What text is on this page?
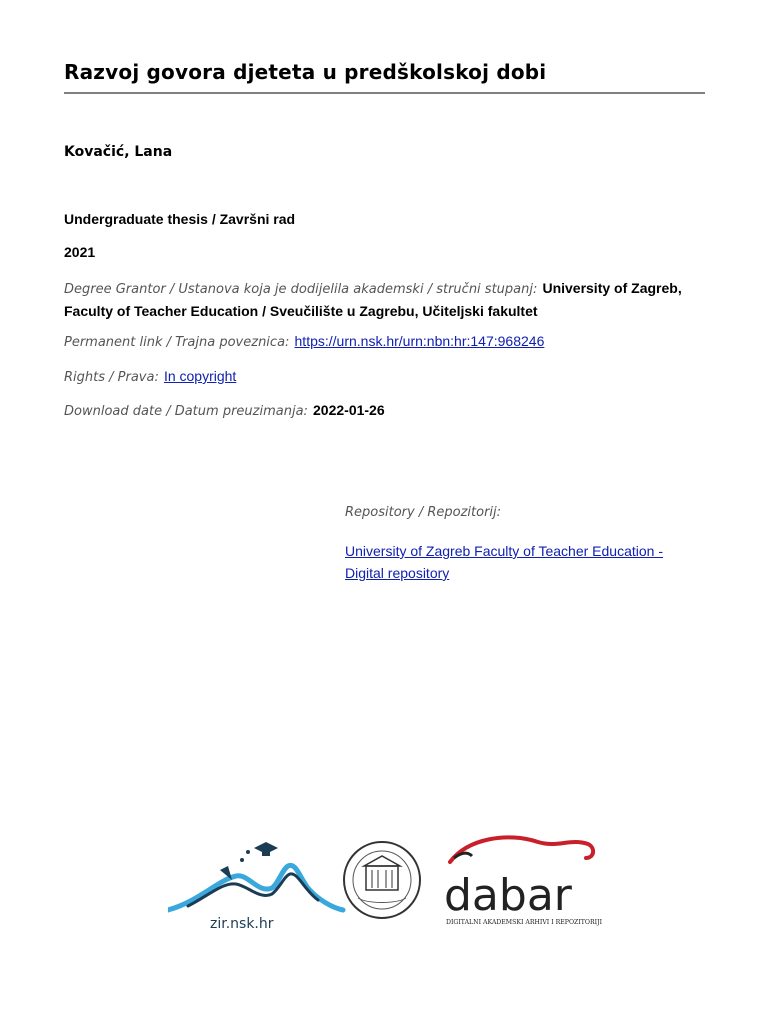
Razvoj govora djeteta u predškolskoj dobi
Kovačić, Lana
Undergraduate thesis / Završni rad
2021
Degree Grantor / Ustanova koja je dodijelila akademski / stručni stupanj: University of Zagreb, Faculty of Teacher Education / Sveučilište u Zagrebu, Učiteljski fakultet
Permanent link / Trajna poveznica: https://urn.nsk.hr/urn:nbn:hr:147:968246
Rights / Prava: In copyright
Download date / Datum preuzimanja: 2022-01-26
Repository / Repozitorij:
University of Zagreb Faculty of Teacher Education - Digital repository
zir.nsk.hr
dabar
DIGITALNI AKADEMSKI ARHIVI I REPOZITORIJI
